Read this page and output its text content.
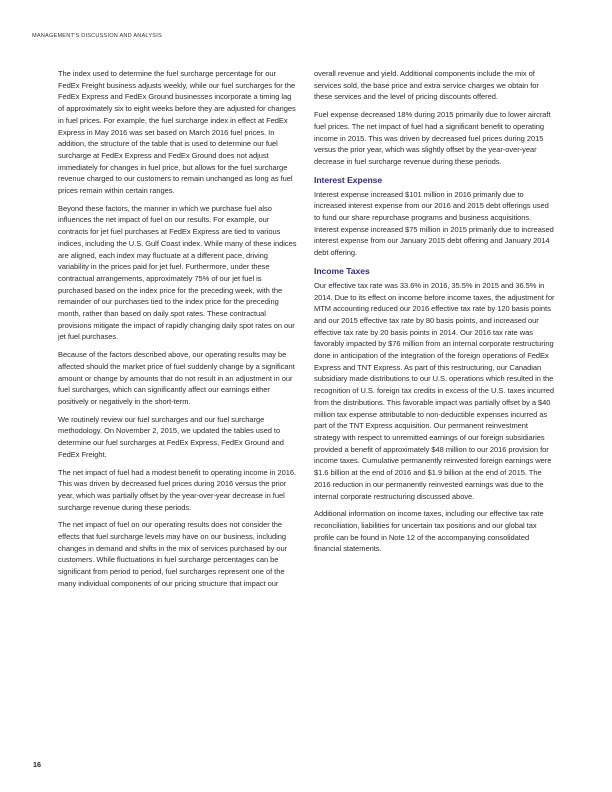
MANAGEMENT’S DISCUSSION AND ANALYSIS

The index used to determine the fuel surcharge percentage for our FedEx Freight business adjusts weekly, while our fuel surcharges for the FedEx Express and FedEx Ground businesses incorporate a timing lag of approximately six to eight weeks before they are adjusted for changes in fuel prices. For example, the fuel surcharge index in effect at FedEx Express in May 2016 was set based on March 2016 fuel prices. In addition, the structure of the table that is used to determine our fuel surcharge at FedEx Express and FedEx Ground does not adjust immediately for changes in fuel price, but allows for the fuel surcharge revenue charged to our customers to remain unchanged as long as fuel prices remain within certain ranges.

Beyond these factors, the manner in which we purchase fuel also influences the net impact of fuel on our results. For example, our contracts for jet fuel purchases at FedEx Express are tied to various indices, including the U.S. Gulf Coast index. While many of these indices are aligned, each index may fluctuate at a different pace, driving variability in the prices paid for jet fuel. Furthermore, under these contractual arrangements, approximately 75% of our jet fuel is purchased based on the index price for the preceding week, with the remainder of our purchases tied to the index price for the preceding month, rather than based on daily spot rates. These contractual provisions mitigate the impact of rapidly changing daily spot rates on our jet fuel purchases.

Because of the factors described above, our operating results may be affected should the market price of fuel suddenly change by a significant amount or change by amounts that do not result in an adjustment in our fuel surcharges, which can significantly affect our earnings either positively or negatively in the short-term.

We routinely review our fuel surcharges and our fuel surcharge methodology. On November 2, 2015, we updated the tables used to determine our fuel surcharges at FedEx Express, FedEx Ground and FedEx Freight.

The net impact of fuel had a modest benefit to operating income in 2016. This was driven by decreased fuel prices during 2016 versus the prior year, which was partially offset by the year-over-year decrease in fuel surcharge revenue during these periods.

The net impact of fuel on our operating results does not consider the effects that fuel surcharge levels may have on our business, including changes in demand and shifts in the mix of services purchased by our customers. While fluctuations in fuel surcharge percentages can be significant from period to period, fuel surcharges represent one of the many individual components of our pricing structure that impact our

overall revenue and yield. Additional components include the mix of services sold, the base price and extra service charges we obtain for these services and the level of pricing discounts offered.

Fuel expense decreased 18% during 2015 primarily due to lower aircraft fuel prices. The net impact of fuel had a significant benefit to operating income in 2015. This was driven by decreased fuel prices during 2015 versus the prior year, which was slightly offset by the year-over-year decrease in fuel surcharge revenue during these periods.

Interest Expense

Interest expense increased $101 million in 2016 primarily due to increased interest expense from our 2016 and 2015 debt offerings used to fund our share repurchase programs and business acquisitions. Interest expense increased $75 million in 2015 primarily due to increased interest expense from our January 2015 debt offering and January 2014 debt offering.

Income Taxes

Our effective tax rate was 33.6% in 2016, 35.5% in 2015 and 36.5% in 2014. Due to its effect on income before income taxes, the adjustment for MTM accounting reduced our 2016 effective tax rate by 120 basis points and our 2015 effective tax rate by 80 basis points, and increased our effective tax rate by 20 basis points in 2014. Our 2016 tax rate was favorably impacted by $76 million from an internal corporate restructuring done in anticipation of the integration of the foreign operations of FedEx Express and TNT Express. As part of this restructuring, our Canadian subsidiary made distributions to our U.S. operations which resulted in the recognition of U.S. foreign tax credits in excess of the U.S. taxes incurred from the distributions. This favorable impact was partially offset by a $40 million tax expense attributable to non-deductible expenses incurred as part of the TNT Express acquisition. Our permanent reinvestment strategy with respect to unremitted earnings of our foreign subsidiaries provided a benefit of approximately $48 million to our 2016 provision for income taxes. Cumulative permanently reinvested foreign earnings were $1.6 billion at the end of 2016 and $1.9 billion at the end of 2015. The 2016 reduction in our permanently reinvested earnings was due to the internal corporate restructuring discussed above.

Additional information on income taxes, including our effective tax rate reconciliation, liabilities for uncertain tax positions and our global tax profile can be found in Note 12 of the accompanying consolidated financial statements.

16
